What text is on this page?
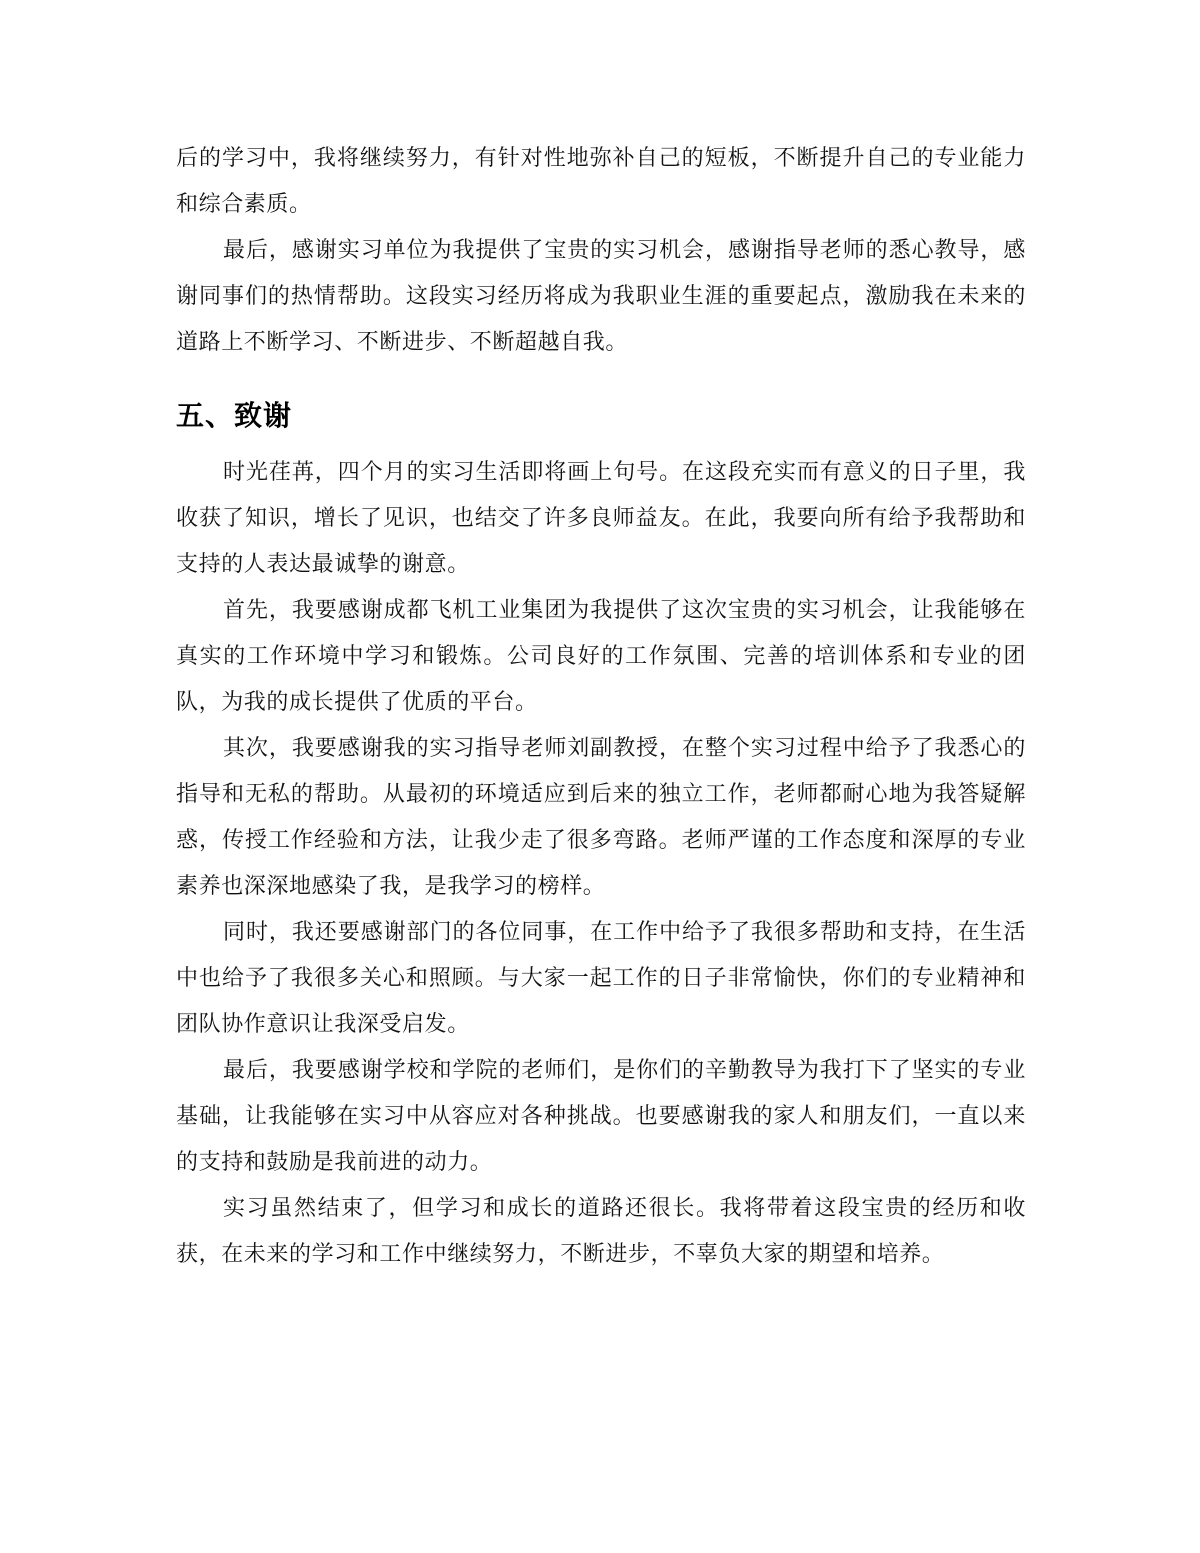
后的学习中，我将继续努力，有针对性地弥补自己的短板，不断提升自己的专业能力和综合素质。

最后，感谢实习单位为我提供了宝贵的实习机会，感谢指导老师的悉心教导，感谢同事们的热情帮助。这段实习经历将成为我职业生涯的重要起点，激励我在未来的道路上不断学习、不断进步、不断超越自我。

五、致谢

时光荏苒，四个月的实习生活即将画上句号。在这段充实而有意义的日子里，我收获了知识，增长了见识，也结交了许多良师益友。在此，我要向所有给予我帮助和支持的人表达最诚挚的谢意。

首先，我要感谢成都飞机工业集团为我提供了这次宝贵的实习机会，让我能够在真实的工作环境中学习和锻炼。公司良好的工作氛围、完善的培训体系和专业的团队，为我的成长提供了优质的平台。

其次，我要感谢我的实习指导老师刘副教授，在整个实习过程中给予了我悉心的指导和无私的帮助。从最初的环境适应到后来的独立工作，老师都耐心地为我答疑解惑，传授工作经验和方法，让我少走了很多弯路。老师严谨的工作态度和深厚的专业素养也深深地感染了我，是我学习的榜样。

同时，我还要感谢部门的各位同事，在工作中给予了我很多帮助和支持，在生活中也给予了我很多关心和照顾。与大家一起工作的日子非常愉快，你们的专业精神和团队协作意识让我深受启发。

最后，我要感谢学校和学院的老师们，是你们的辛勤教导为我打下了坚实的专业基础，让我能够在实习中从容应对各种挑战。也要感谢我的家人和朋友们，一直以来的支持和鼓励是我前进的动力。

实习虽然结束了，但学习和成长的道路还很长。我将带着这段宝贵的经历和收获，在未来的学习和工作中继续努力，不断进步，不辜负大家的期望和培养。
